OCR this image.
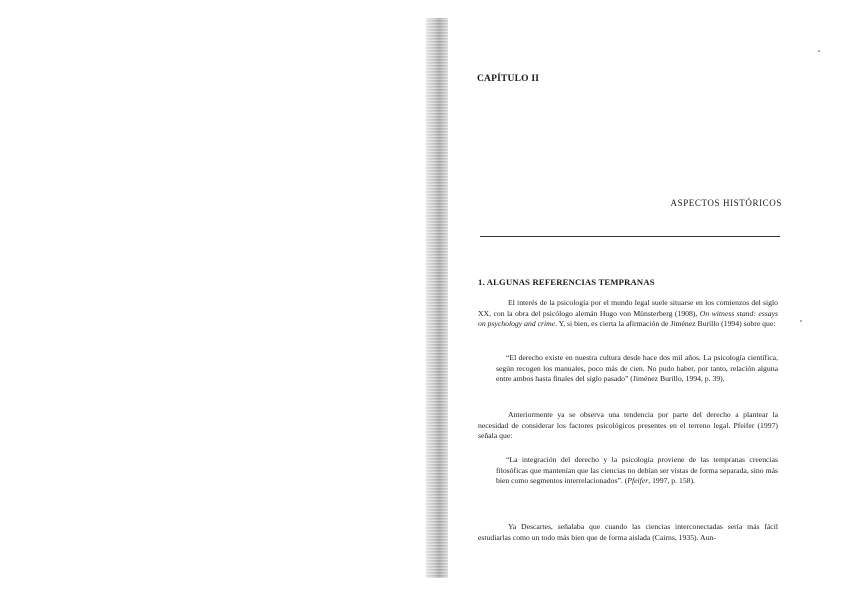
CAPÍTULO II
ASPECTOS HISTÓRICOS
1. ALGUNAS REFERENCIAS TEMPRANAS
El interés de la psicología por el mundo legal suele situarse en los comienzos del siglo XX, con la obra del psicólogo alemán Hugo von Münsterberg (1908), On witness stand: essays on psychology and crime. Y, si bien, es cierta la afirmación de Jiménez Burillo (1994) sobre que:
“El derecho existe en nuestra cultura desde hace dos mil años. La psicología científica, según recogen los manuales, poco más de cien. No pudo haber, por tanto, relación alguna entre ambos hasta finales del siglo pasado” (Jiménez Burillo, 1994, p. 39).
Anteriormente ya se observa una tendencia por parte del derecho a plantear la necesidad de considerar los factores psicológicos presentes en el terreno legal. Pfeifer (1997) señala que:
“La integración del derecho y la psicología proviene de las tempranas creencias filosóficas que mantenían que las ciencias no debían ser vistas de forma separada, sino más bien como segmentos interrelacionados”. (Pfeifer, 1997, p. 158).
Ya Descartes, señalaba que cuando las ciencias interconectadas sería más fácil estudiarlas como un todo más bien que de forma aislada (Cairns, 1935). Aun-
